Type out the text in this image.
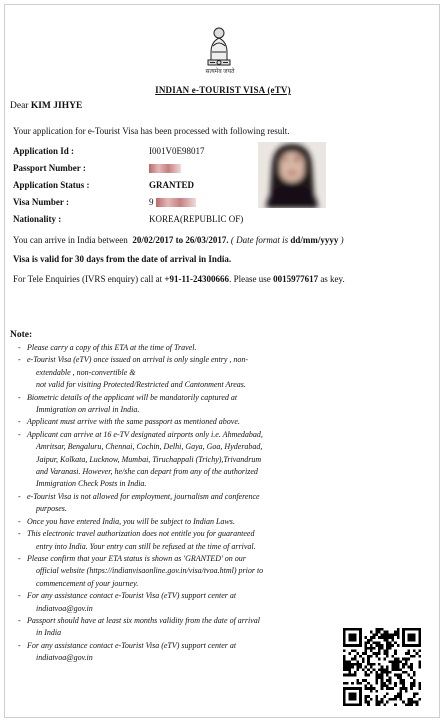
सत्यमेव जयते
INDIAN e-TOURIST VISA (eTV)
Dear KIM JIHYE
Your application for e-Tourist Visa has been processed with following result.
Application Id :	I001V0E98017
Passport Number :
Application Status :	GRANTED
Visa Number :	9
Nationality :	KOREA(REPUBLIC OF)
You can arrive in India between 20/02/2017 to 26/03/2017. ( Date format is dd/mm/yyyy )
Visa is valid for 30 days from the date of arrival in India.
For Tele Enquiries (IVRS enquiry) call at +91-11-24300666. Please use 0015977617 as key.
Note:
- Please carry a copy of this ETA at the time of Travel.
- e-Tourist Visa (eTV) once issued on arrival is only single entry , non-
extendable , non-convertible &
not valid for visiting Protected/Restricted and Cantonment Areas.
- Biometric details of the applicant will be mandatorily captured at
Immigration on arrival in India.
- Applicant must arrive with the same passport as mentioned above.
- Applicant can arrive at 16 e-TV designated airports only i.e. Ahmedabad,
Amritsar, Bengaluru, Chennai, Cochin, Delhi, Gaya, Goa, Hyderabad,
Jaipur, Kolkata, Lucknow, Mumbai, Tiruchappali (Trichy),Trivandrum
and Varanasi. However, he/she can depart from any of the authorized
Immigration Check Posts in India.
- e-Tourist Visa is not allowed for employment, journalism and conference
purposes.
- Once you have entered India, you will be subject to Indian Laws.
- This electronic travel authorization does not entitle you for guaranteed
entry into India. Your entry can still be refused at the time of arrival.
- Please confirm that your ETA status is shown as 'GRANTED' on our
official website (https://indianvisaonline.gov.in/visa/tvoa.html) prior to
commencement of your journey.
- For any assistance contact e-Tourist Visa (eTV) support center at
indiatvoa@gov.in
- Passport should have at least six months validity from the date of arrival
in India
- For any assistance contact e-Tourist Visa (eTV) support center at
indiatvoa@gov.in
